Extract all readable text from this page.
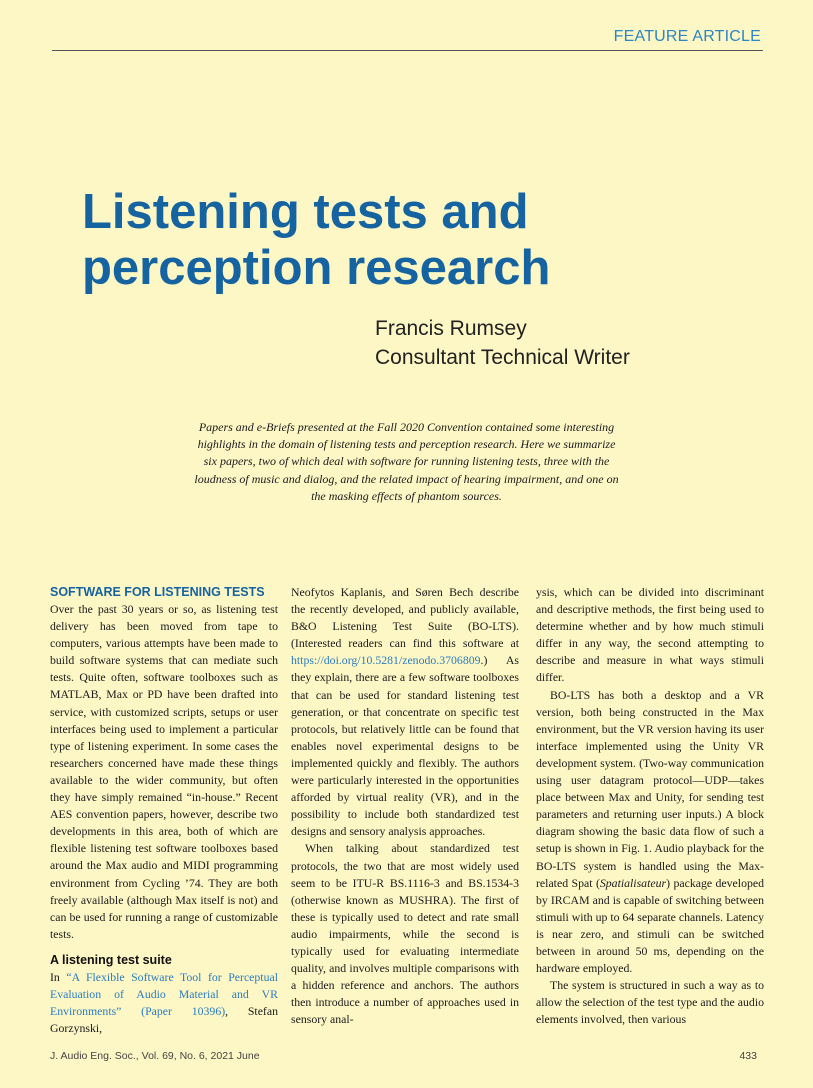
FEATURE ARTICLE
Listening tests and
perception research
Francis Rumsey
Consultant Technical Writer
Papers and e-Briefs presented at the Fall 2020 Convention contained some interesting highlights in the domain of listening tests and perception research. Here we summarize six papers, two of which deal with software for running listening tests, three with the loudness of music and dialog, and the related impact of hearing impairment, and one on the masking effects of phantom sources.

SOFTWARE FOR LISTENING TESTS

Over the past 30 years or so, as listening test delivery has been moved from tape to computers, various attempts have been made to build software systems that can mediate such tests. Quite often, software toolboxes such as MATLAB, Max or PD have been drafted into service, with customized scripts, setups or user interfaces being used to implement a particular type of listening experiment. In some cases the researchers concerned have made these things available to the wider community, but often they have simply remained “in-house.” Recent AES convention papers, however, describe two developments in this area, both of which are flexible listening test software toolboxes based around the Max audio and MIDI programming environment from Cycling ’74. They are both freely available (although Max itself is not) and can be used for running a range of customizable tests.

A listening test suite

In “A Flexible Software Tool for Perceptual Evaluation of Audio Material and VR Environments” (Paper 10396), Stefan Gorzynski,

Neofytos Kaplanis, and Søren Bech describe the recently developed, and publicly available, B&O Listening Test Suite (BO-LTS). (Interested readers can find this software at https://doi.org/10.5281/zenodo.3706809.) As they explain, there are a few software toolboxes that can be used for standard listening test generation, or that concentrate on specific test protocols, but relatively little can be found that enables novel experimental designs to be implemented quickly and flexibly. The authors were particularly interested in the opportunities afforded by virtual reality (VR), and in the possibility to include both standardized test designs and sensory analysis approaches.

When talking about standardized test protocols, the two that are most widely used seem to be ITU-R BS.1116-3 and BS.1534-3 (otherwise known as MUSHRA). The first of these is typically used to detect and rate small audio impairments, while the second is typically used for evaluating intermediate quality, and involves multiple comparisons with a hidden reference and anchors. The authors then introduce a number of approaches used in sensory anal-

ysis, which can be divided into discriminant and descriptive methods, the first being used to determine whether and by how much stimuli differ in any way, the second attempting to describe and measure in what ways stimuli differ.

BO-LTS has both a desktop and a VR version, both being constructed in the Max environment, but the VR version having its user interface implemented using the Unity VR development system. (Two-way communication using user datagram protocol—UDP—takes place between Max and Unity, for sending test parameters and returning user inputs.) A block diagram showing the basic data flow of such a setup is shown in Fig. 1. Audio playback for the BO-LTS system is handled using the Max-related Spat (Spatialisateur) package developed by IRCAM and is capable of switching between stimuli with up to 64 separate channels. Latency is near zero, and stimuli can be switched between in around 50 ms, depending on the hardware employed.

The system is structured in such a way as to allow the selection of the test type and the audio elements involved, then various

J. Audio Eng. Soc., Vol. 69, No. 6, 2021 June	433
